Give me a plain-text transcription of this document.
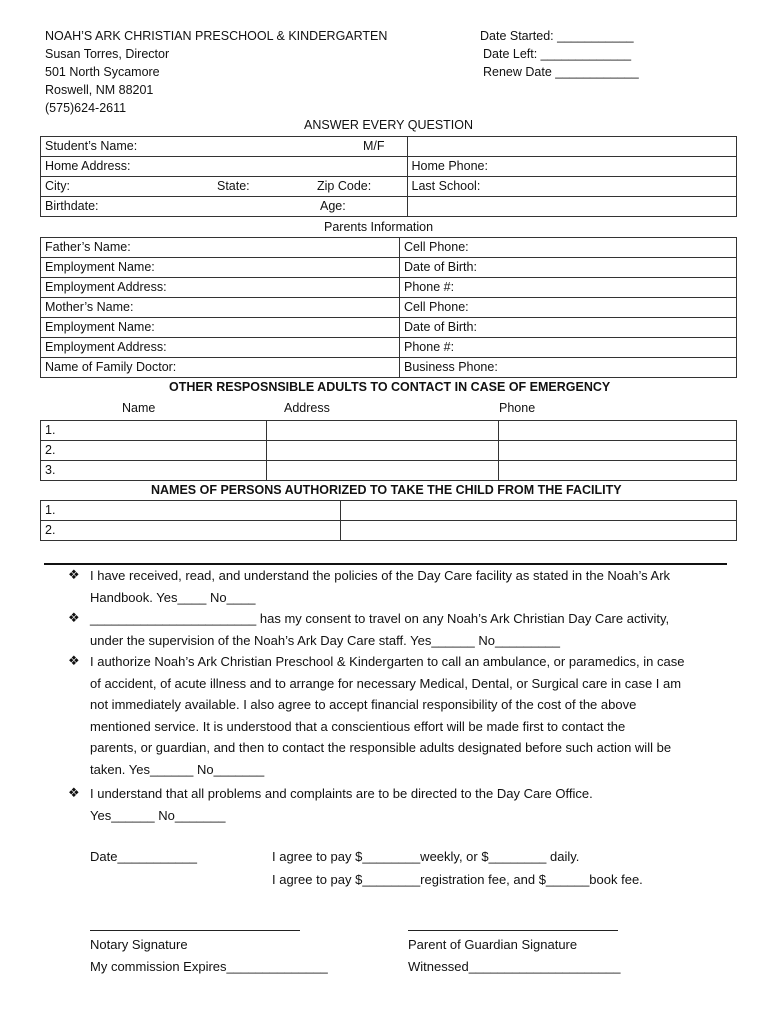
NOAH’S ARK CHRISTIAN PRESCHOOL & KINDERGARTEN
Susan Torres, Director
501 North Sycamore
Roswell, NM 88201
(575)624-2611
Date Started: ___________
Date Left: _____________
Renew Date ____________
ANSWER EVERY QUESTION
Student’s Name: M/F	

Home Address:	Home Phone:
City: State: Zip Code:	Last School:
Birthdate: Age:	

Parents Information
Father’s Name:	Cell Phone:
Employment Name:	Date of Birth:
Employment Address:	Phone #:
Mother’s Name:	Cell Phone:
Employment Name:	Date of Birth:
Employment Address:	Phone #:
Name of Family Doctor:	Business Phone:
OTHER RESPOSNSIBLE ADULTS TO CONTACT IN CASE OF EMERGENCY
Name	Address	Phone
1.		
2.		
3.		
NAMES OF PERSONS AUTHORIZED TO TAKE THE CHILD FROM THE FACILITY
1.	
2.	
❖ I have received, read, and understand the policies of the Day Care facility as stated in the Noah’s Ark
Handbook. Yes____ No____
❖ _______________________ has my consent to travel on any Noah’s Ark Christian Day Care activity,
under the supervision of the Noah’s Ark Day Care staff. Yes______ No_________
❖ I authorize Noah’s Ark Christian Preschool & Kindergarten to call an ambulance, or paramedics, in case
of accident, of acute illness and to arrange for necessary Medical, Dental, or Surgical care in case I am
not immediately available. I also agree to accept financial responsibility of the cost of the above
mentioned service. It is understood that a conscientious effort will be made first to contact the
parents, or guardian, and then to contact the responsible adults designated before such action will be
taken. Yes______ No_______
❖ I understand that all problems and complaints are to be directed to the Day Care Office.
Yes______ No_______
Date___________	I agree to pay $________weekly, or $________ daily.
I agree to pay $________registration fee, and $______book fee.
Notary Signature
My commission Expires______________
Parent of Guardian Signature
Witnessed_____________________
